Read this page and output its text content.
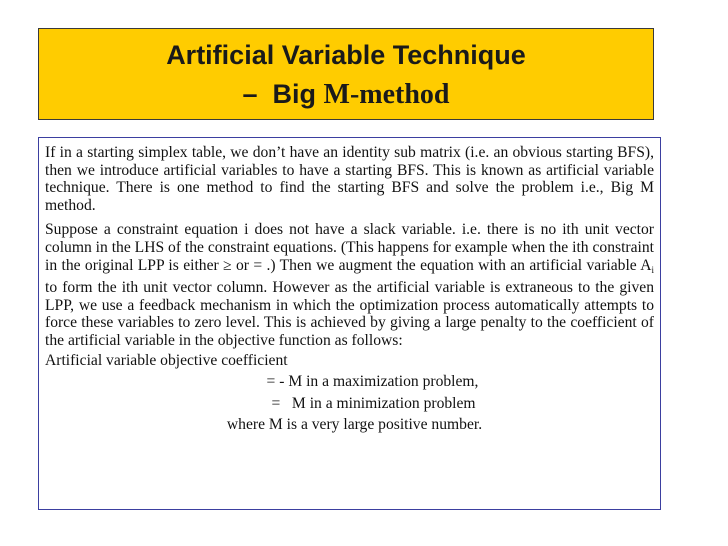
Artificial Variable Technique
–  Big M-method

If in a starting simplex table, we don’t have an identity sub matrix (i.e. an obvious starting BFS), then we introduce artificial variables to have a starting BFS. This is known as artificial variable technique. There is one method to find the starting BFS and solve the problem i.e., Big M method.

Suppose a constraint equation i does not have a slack variable. i.e. there is no ith unit vector column in the LHS of the constraint equations. (This happens for example when the ith constraint in the original LPP is either ≥ or = .) Then we augment the equation with an artificial variable $A_i$ to form the ith unit vector column. However as the artificial variable is extraneous to the given LPP, we use a feedback mechanism in which the optimization process automatically attempts to force these variables to zero level. This is achieved by giving a large penalty to the coefficient of the artificial variable in the objective function as follows:

Artificial variable objective coefficient

= - M in a maximization problem,

=   M in a minimization problem

where M is a very large positive number.
